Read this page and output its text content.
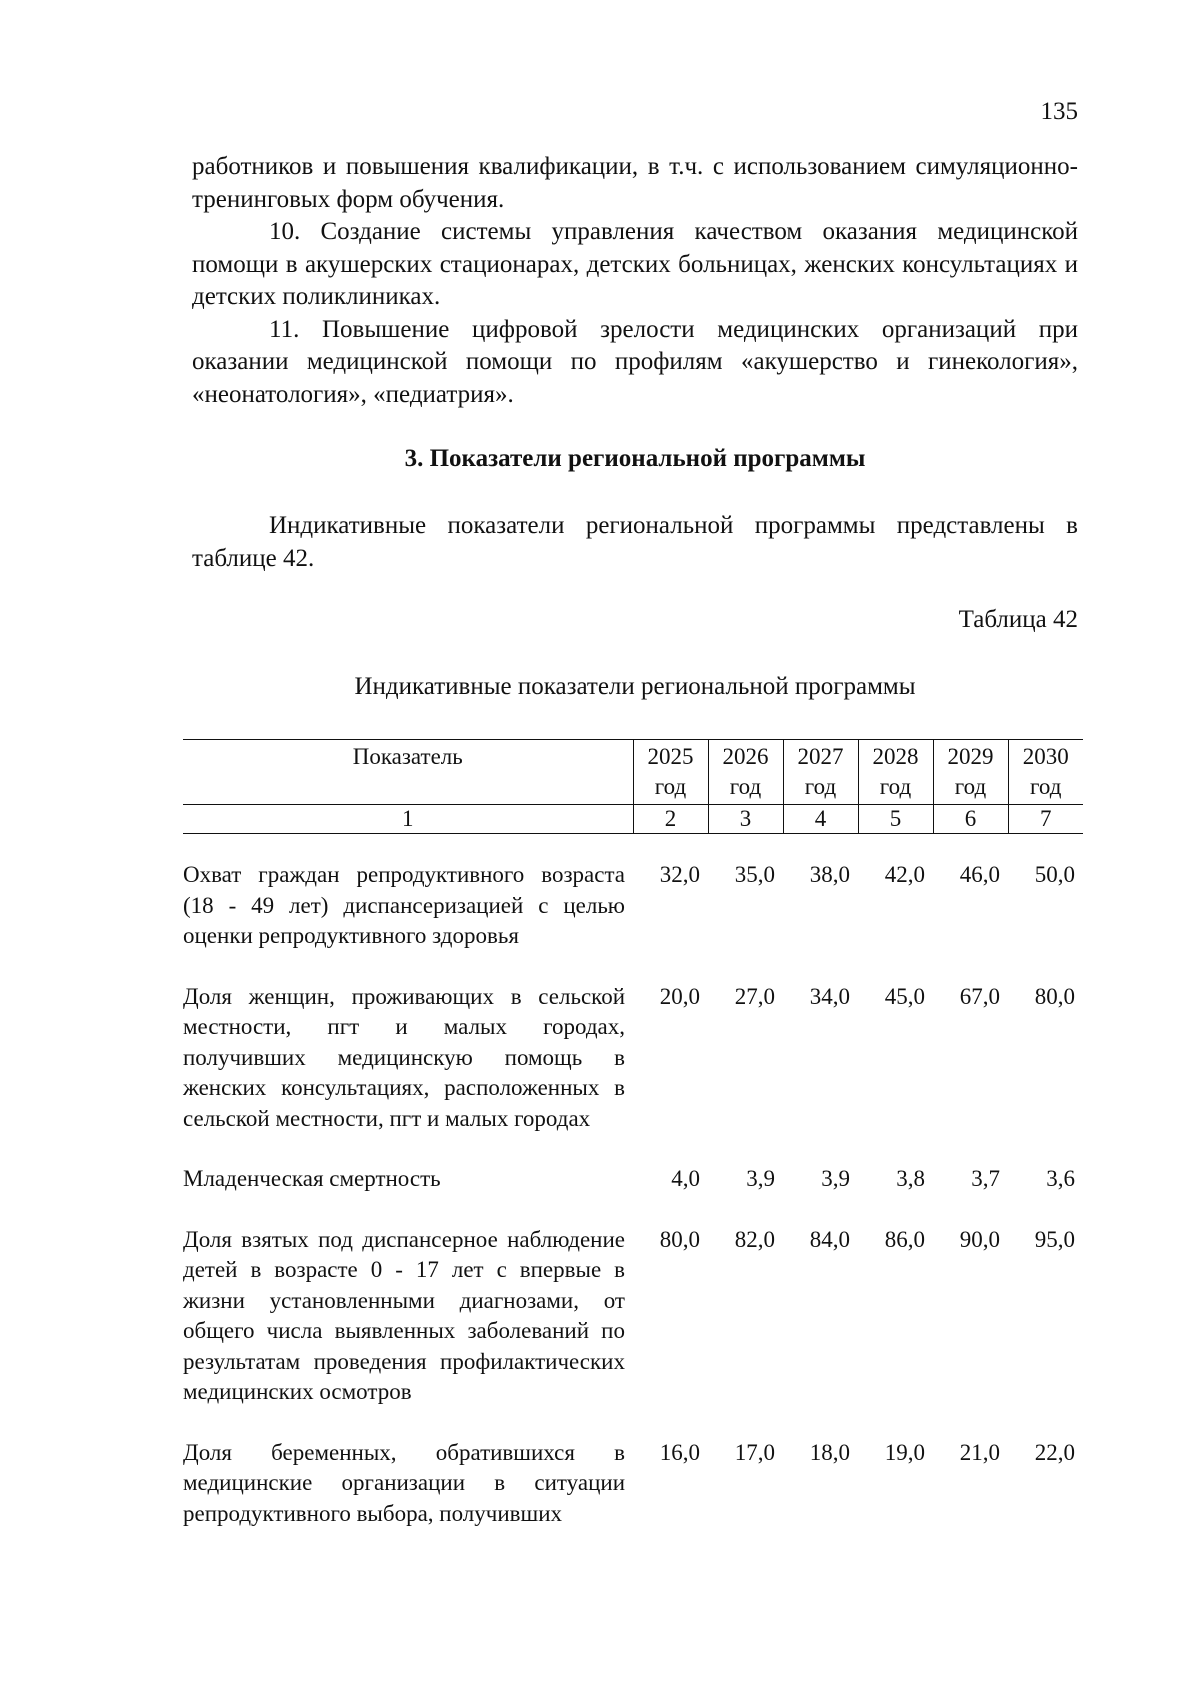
135

работников и повышения квалификации, в т.ч. с использованием симуляционно-тренинговых форм обучения.

10. Создание системы управления качеством оказания медицинской помощи в акушерских стационарах, детских больницах, женских консультациях и детских поликлиниках.

11. Повышение цифровой зрелости медицинских организаций при оказании медицинской помощи по профилям «акушерство и гинекология», «неонатология», «педиатрия».

3. Показатели региональной программы

Индикативные показатели региональной программы представлены в таблице 42.

Таблица 42
Индикативные показатели региональной программы
Показатель	2025 год	2026 год	2027 год	2028 год	2029 год	2030 год
1	2	3	4	5	6	7

Охват граждан репродуктивного возраста (18 - 49 лет) диспансеризацией с целью оценки репродуктивного здоровья	32,0	35,0	38,0	42,0	46,0	50,0

Доля женщин, проживающих в сельской местности, пгт и малых городах, получивших медицинскую помощь в женских консультациях, расположенных в сельской местности, пгт и малых городах	20,0	27,0	34,0	45,0	67,0	80,0

Младенческая смертность	4,0	3,9	3,9	3,8	3,7	3,6

Доля взятых под диспансерное наблюдение детей в возрасте 0 - 17 лет с впервые в жизни установленными диагнозами, от общего числа выявленных заболеваний по результатам проведения профилактических медицинских осмотров	80,0	82,0	84,0	86,0	90,0	95,0

Доля беременных, обратившихся в медицинские организации в ситуации репродуктивного выбора, получивших	16,0	17,0	18,0	19,0	21,0	22,0
